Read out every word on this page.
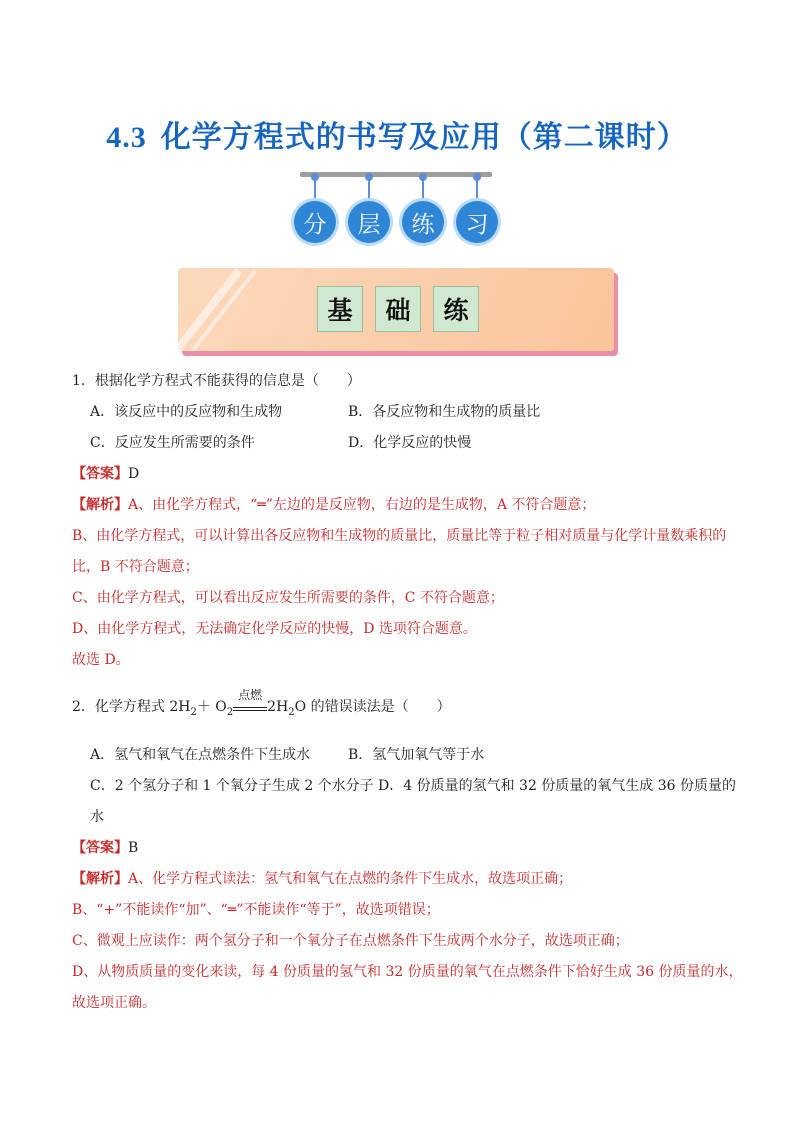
4.3 化学方程式的书写及应用（第二课时）
分	层	练	习
基	础	练
1．根据化学方程式不能获得的信息是（　　）
A．该反应中的反应物和生成物	B．各反应物和生成物的质量比
C．反应发生所需要的条件	D．化学反应的快慢
【答案】D
【解析】A、由化学方程式，“═”左边的是反应物，右边的是生成物，A 不符合题意；
B、由化学方程式，可以计算出各反应物和生成物的质量比，质量比等于粒子相对质量与化学计量数乘积的
比，B 不符合题意；
C、由化学方程式，可以看出反应发生所需要的条件，C 不符合题意；
D、由化学方程式，无法确定化学反应的快慢，D 选项符合题意。
故选 D。
2．化学方程式 $2H_2+ O_2$
点燃
$2H_2O$ 的错误读法是（　　）
A．氢气和氧气在点燃条件下生成水	B．氢气加氧气等于水
C．2 个氢分子和 1 个氧分子生成 2 个水分子 D．4 份质量的氢气和 32 份质量的氧气生成 36 份质量的
水
【答案】B
【解析】A、化学方程式读法：氢气和氧气在点燃的条件下生成水，故选项正确；
B、“+”不能读作“加”、“═”不能读作“等于”，故选项错误；
C、微观上应读作：两个氢分子和一个氧分子在点燃条件下生成两个水分子，故选项正确；
D、从物质质量的变化来读，每 4 份质量的氢气和 32 份质量的氧气在点燃条件下恰好生成 36 份质量的水，
故选项正确。
